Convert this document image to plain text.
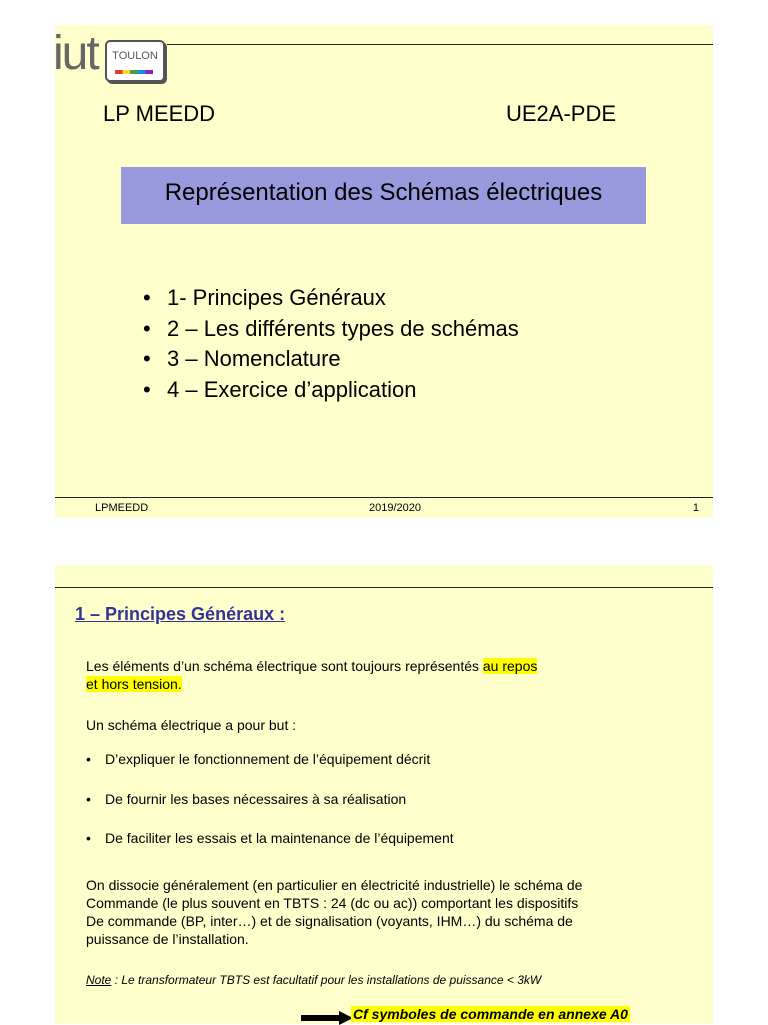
iut	TOULON
LP MEEDD	UE2A-PDE
Représentation des Schémas électriques
• 1- Principes Généraux
• 2 – Les différents types de schémas
• 3 – Nomenclature
• 4 – Exercice d’application
LPMEEDD	2019/2020	1
1 – Principes Généraux :

Les éléments d’un schéma électrique sont toujours représentés au repos
et hors tension.

Un schéma électrique a pour but :

• D’expliquer le fonctionnement de l’équipement décrit
• De fournir les bases nécessaires à sa réalisation
• De faciliter les essais et la maintenance de l’équipement

On dissocie généralement (en particulier en électricité industrielle) le schéma de
Commande (le plus souvent en TBTS : 24 (dc ou ac)) comportant les dispositifs
De commande (BP, inter…) et de signalisation (voyants, IHM…) du schéma de
puissance de l’installation.

Note : Le transformateur TBTS est facultatif pour les installations de puissance < 3kW
Cf symboles de commande en annexe A0
